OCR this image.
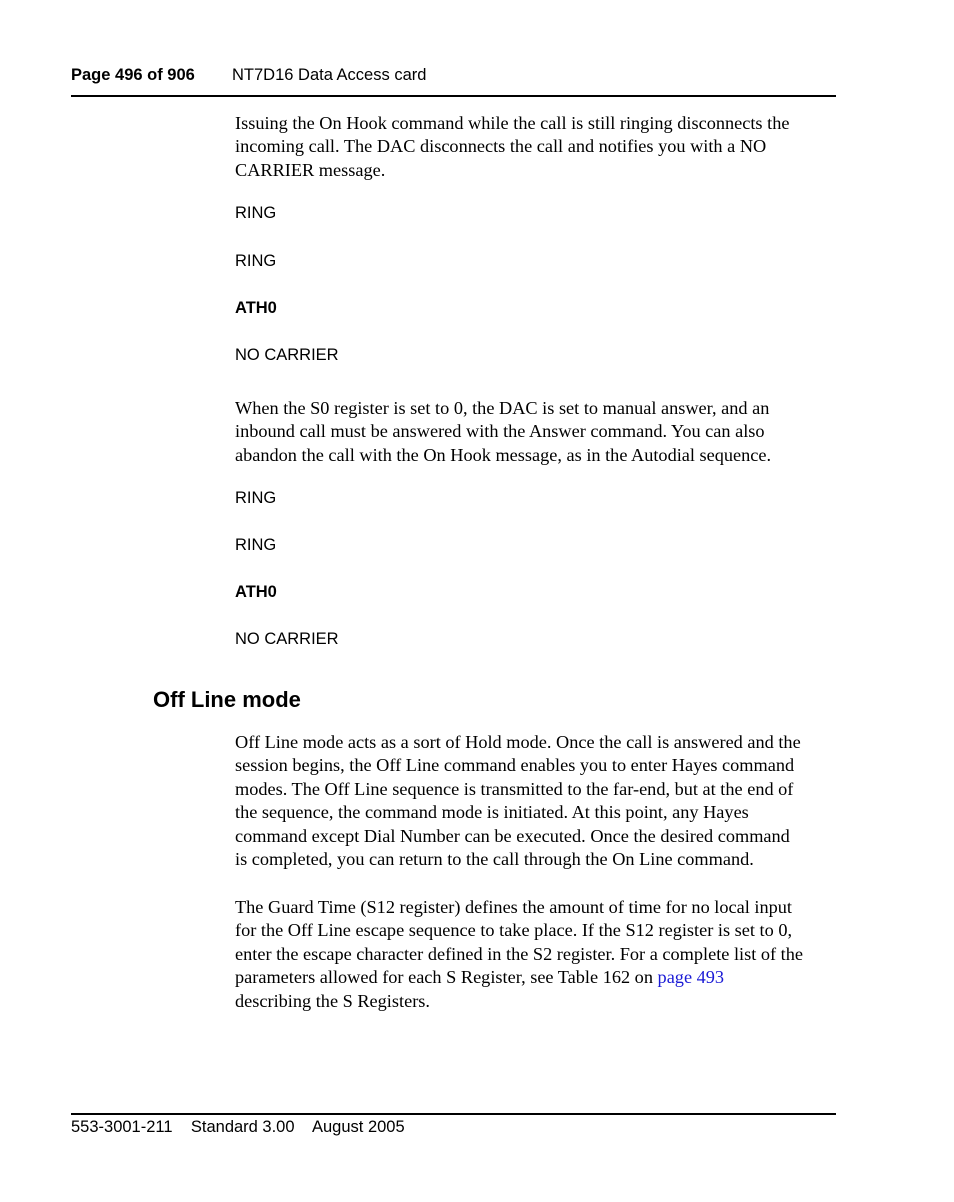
Page 496 of 906 NT7D16 Data Access card
Issuing the On Hook command while the call is still ringing disconnects the
incoming call. The DAC disconnects the call and notifies you with a NO
CARRIER message.
RING
RING
ATH0
NO CARRIER
When the S0 register is set to 0, the DAC is set to manual answer, and an
inbound call must be answered with the Answer command. You can also
abandon the call with the On Hook message, as in the Autodial sequence.
RING
RING
ATH0
NO CARRIER
Off Line mode
Off Line mode acts as a sort of Hold mode. Once the call is answered and the
session begins, the Off Line command enables you to enter Hayes command
modes. The Off Line sequence is transmitted to the far-end, but at the end of
the sequence, the command mode is initiated. At this point, any Hayes
command except Dial Number can be executed. Once the desired command
is completed, you can return to the call through the On Line command.
The Guard Time (S12 register) defines the amount of time for no local input
for the Off Line escape sequence to take place. If the S12 register is set to 0,
enter the escape character defined in the S2 register. For a complete list of the
parameters allowed for each S Register, see Table 162 on page 493
describing the S Registers.
553-3001-211 Standard 3.00 August 2005
